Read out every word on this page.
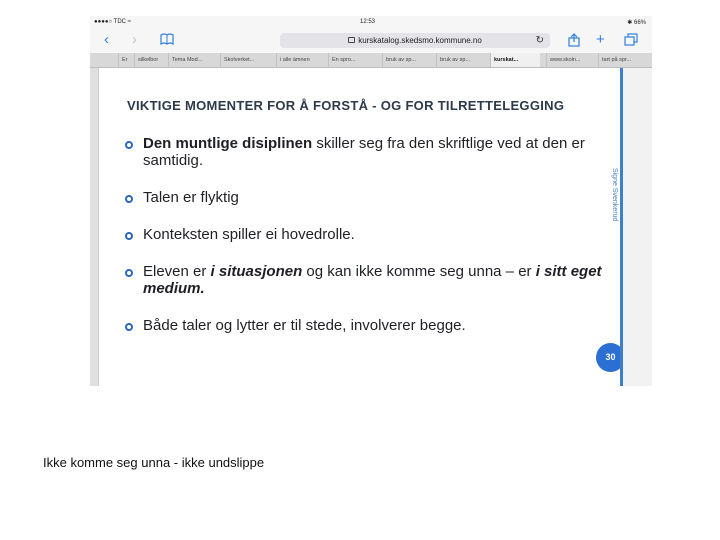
●●●●○ TDC ≈	12:53	✱ 66%
‹ ›	kurskatalog.skedsmo.kommune.no	↻	+
Er	silkelbor	Tema Mod...	Skolverket...	i alle ämnen	En spro...	bruk av sp...	bruk av sp...	kurskat...	www.skoln...	tart på spr...
VIKTIGE MOMENTER FOR Å FORSTÅ - OG FOR TILRETTELEGGING
Den muntlige disiplinen skiller seg fra den skriftlige ved at den er samtidig.
Talen er flyktig
Konteksten spiller ei hovedrolle.
Eleven er i situasjonen og kan ikke komme seg unna – er i sitt eget medium.
Både taler og lytter er til stede, involverer begge.
Signe Svenkerud
30
Ikke komme seg unna - ikke undslippe
